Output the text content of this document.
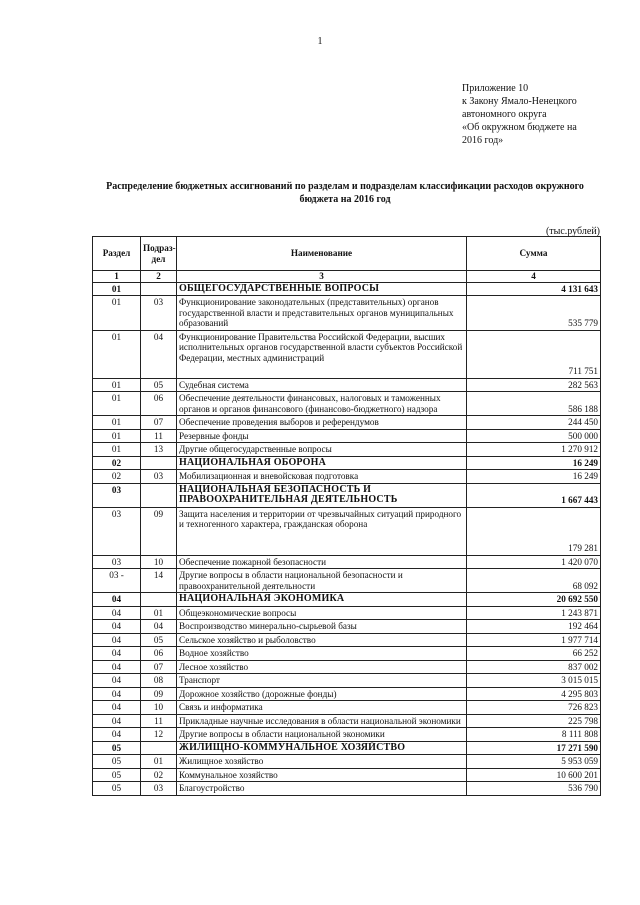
1
Приложение 10
к Закону Ямало-Ненецкого
автономного округа
«Об окружном бюджете на
2016 год»
Распределение бюджетных ассигнований по разделам и подразделам классификации расходов окружного
бюджета на 2016 год
(тыс.рублей)
Раздел	Подраз-дел	Наименование	Сумма
1	2	3	4
01		ОБЩЕГОСУДАРСТВЕННЫЕ ВОПРОСЫ	4 131 643
01	03	Функционирование законодательных (представительных) органов государственной власти и представительных органов муниципальных образований	535 779
01	04	Функционирование Правительства Российской Федерации, высших исполнительных органов государственной власти субъектов Российской Федерации, местных администраций	711 751
01	05	Судебная система	282 563
01	06	Обеспечение деятельности финансовых, налоговых и таможенных органов и органов финансового (финансово-бюджетного) надзора	586 188
01	07	Обеспечение проведения выборов и референдумов	244 450
01	11	Резервные фонды	500 000
01	13	Другие общегосударственные вопросы	1 270 912
02		НАЦИОНАЛЬНАЯ ОБОРОНА	16 249
02	03	Мобилизационная и вневойсковая подготовка	16 249
03		НАЦИОНАЛЬНАЯ БЕЗОПАСНОСТЬ И ПРАВООХРАНИТЕЛЬНАЯ ДЕЯТЕЛЬНОСТЬ	1 667 443
03	09	Защита населения и территории от чрезвычайных ситуаций природного и техногенного характера, гражданская оборона	179 281
03	10	Обеспечение пожарной безопасности	1 420 070
03 -	14	Другие вопросы в области национальной безопасности и правоохранительной деятельности	68 092
04		НАЦИОНАЛЬНАЯ ЭКОНОМИКА	20 692 550
04	01	Общеэкономические вопросы	1 243 871
04	04	Воспроизводство минерально-сырьевой базы	192 464
04	05	Сельское хозяйство и рыболовство	1 977 714
04	06	Водное хозяйство	66 252
04	07	Лесное хозяйство	837 002
04	08	Транспорт	3 015 015
04	09	Дорожное хозяйство (дорожные фонды)	4 295 803
04	10	Связь и информатика	726 823
04	11	Прикладные научные исследования в области национальной экономики	225 798
04	12	Другие вопросы в области национальной экономики	8 111 808
05		ЖИЛИЩНО-КОММУНАЛЬНОЕ ХОЗЯЙСТВО	17 271 590
05	01	Жилищное хозяйство	5 953 059
05	02	Коммунальное хозяйство	10 600 201
05	03	Благоустройство	536 790
